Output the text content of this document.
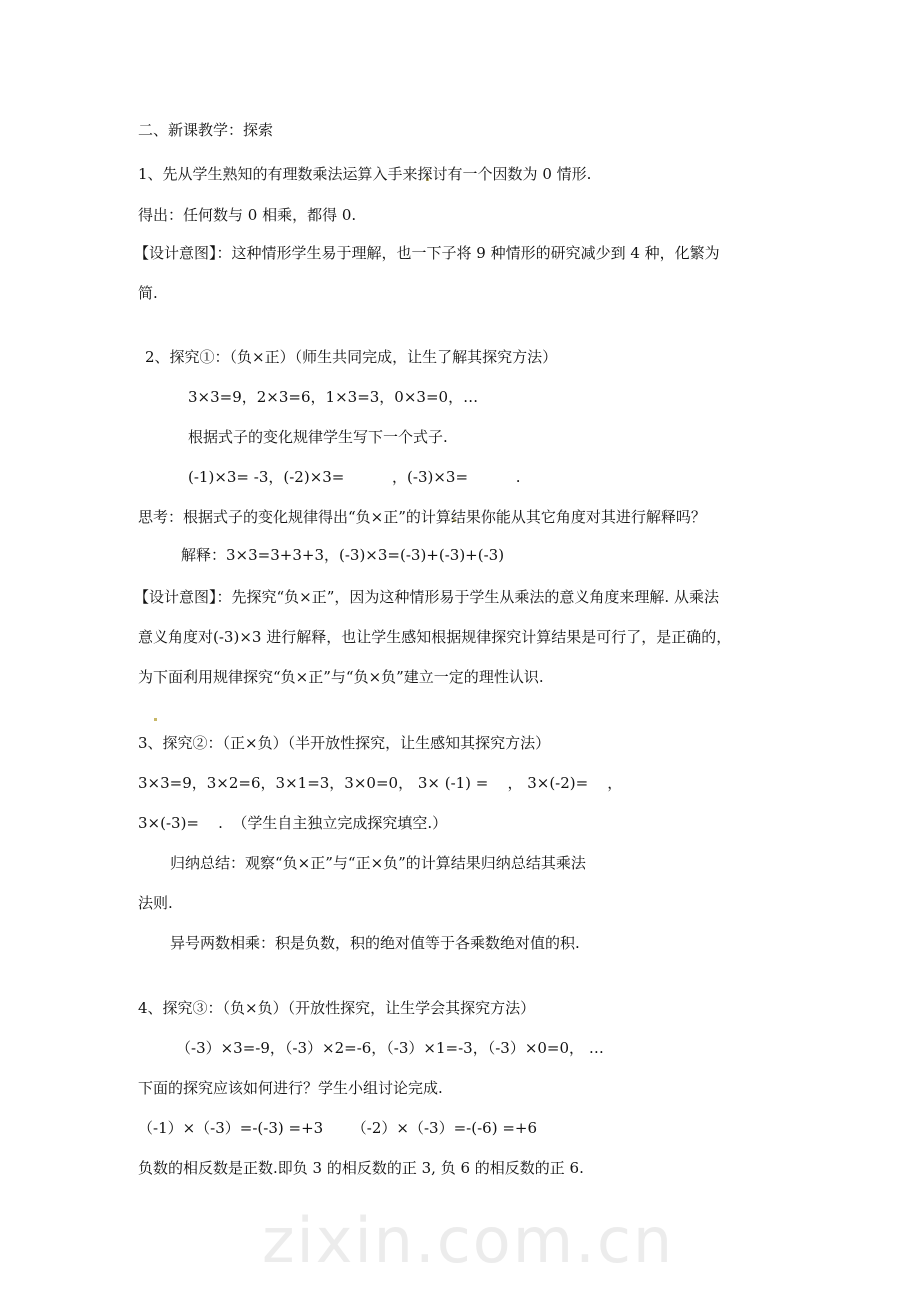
zixin.com.cn
二、新课教学：探索
1、先从学生熟知的有理数乘法运算入手来探讨有一个因数为 0 情形.
得出：任何数与 0 相乘，都得 0.
【设计意图】：这种情形学生易于理解，也一下子将 9 种情形的研究减少到 4 种，化繁为
简.
2、探究①：（负×正）（师生共同完成，让生了解其探究方法）
3×3=9，2×3=6，1×3=3，0×3=0，…
根据式子的变化规律学生写下一个式子.
(-1)×3= -3，(-2)×3=          ，(-3)×3=          .
思考：根据式子的变化规律得出“负×正”的计算结果你能从其它角度对其进行解释吗？
解释：3×3=3+3+3，(-3)×3=(-3)+(-3)+(-3)
【设计意图】：先探究“负×正”，因为这种情形易于学生从乘法的意义角度来理解. 从乘法
意义角度对(-3)×3 进行解释，也让学生感知根据规律探究计算结果是可行了，是正确的，
为下面利用规律探究“负×正”与“负×负”建立一定的理性认识.
3、探究②：（正×负）（半开放性探究，让生感知其探究方法）
3×3=9，3×2=6，3×1=3，3×0=0， 3× (-1) =    ， 3×(-2)=    ，
3×(-3)=    .  （学生自主独立完成探究填空.）
归纳总结：观察“负×正”与“正×负”的计算结果归纳总结其乘法
法则.
异号两数相乘：积是负数，积的绝对值等于各乘数绝对值的积.
4、探究③：（负×负）（开放性探究，让生学会其探究方法）
（-3）×3=-9，（-3）×2=-6，（-3）×1=-3，（-3）×0=0， …
下面的探究应该如何进行？学生小组讨论完成.
（-1）×（-3）=-(-3) =+3      （-2）×（-3）=-(-6) =+6
负数的相反数是正数.即负 3 的相反数的正 3, 负 6 的相反数的正 6.
